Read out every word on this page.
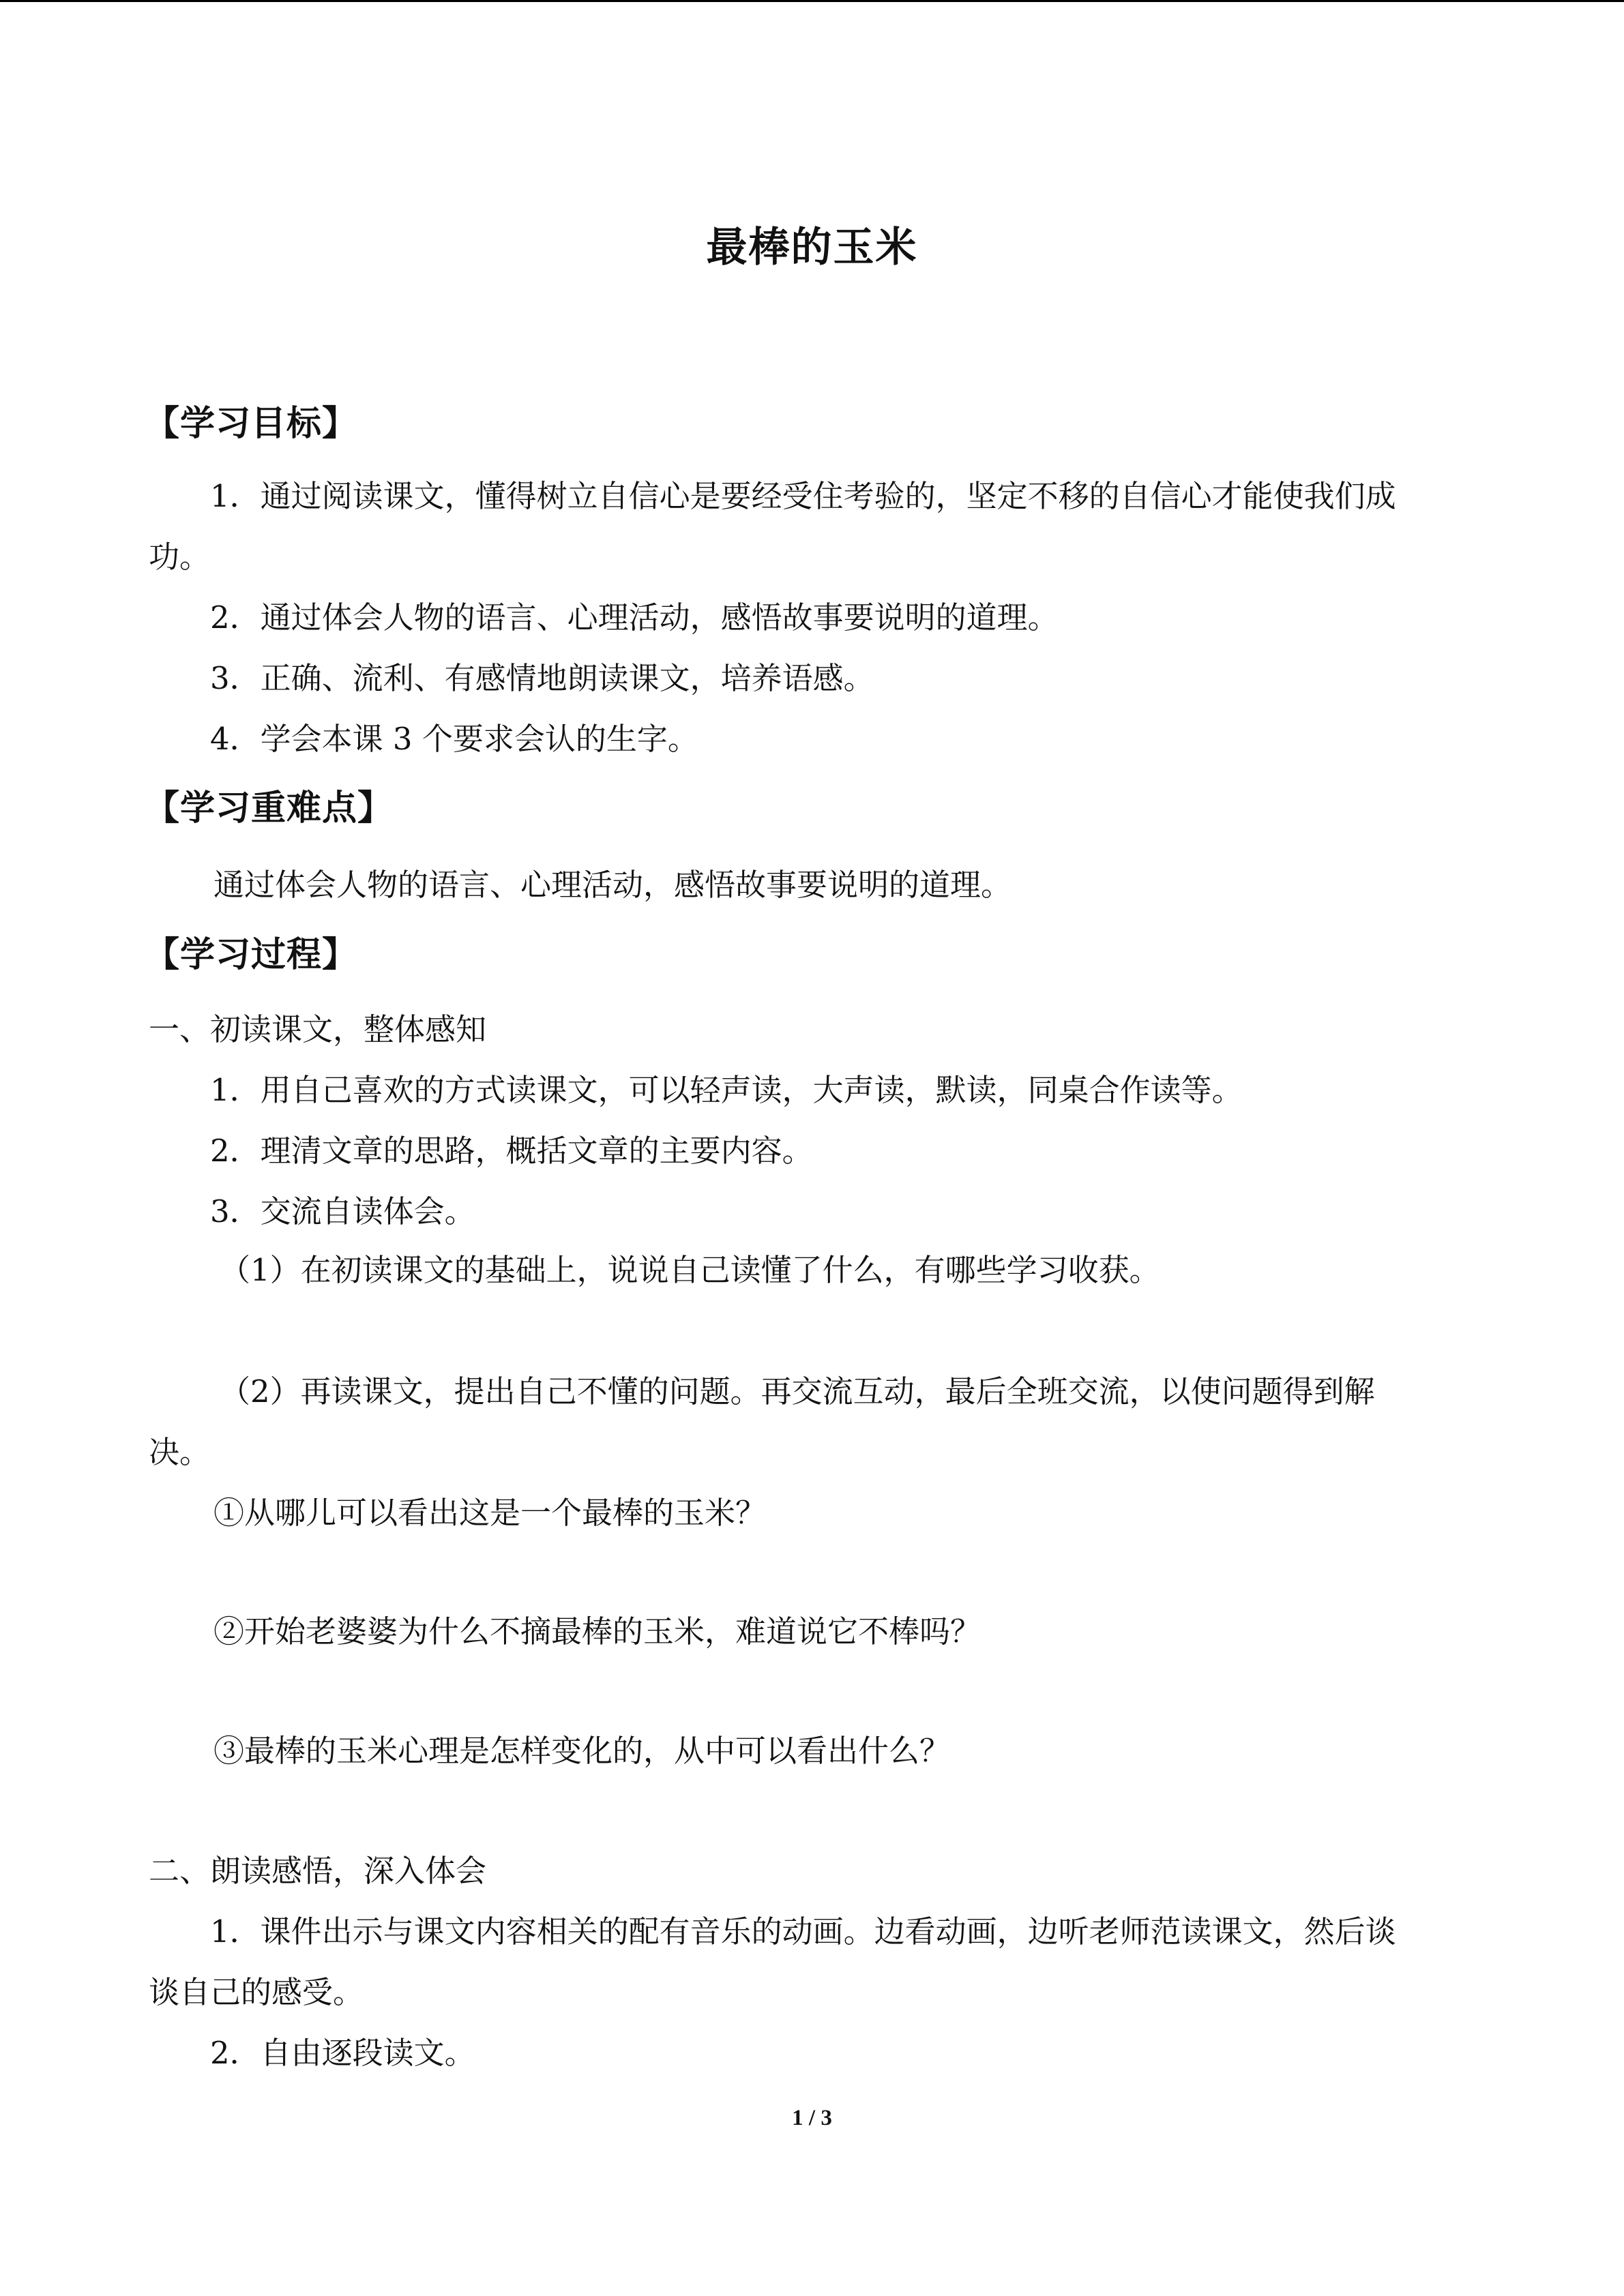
最棒的玉米
【学习目标】
1．通过阅读课文，懂得树立自信心是要经受住考验的，坚定不移的自信心才能使我们成
功。
2．通过体会人物的语言、心理活动，感悟故事要说明的道理。
3．正确、流利、有感情地朗读课文，培养语感。
4．学会本课 3 个要求会认的生字。
【学习重难点】
通过体会人物的语言、心理活动，感悟故事要说明的道理。
【学习过程】
一、初读课文，整体感知
1．用自己喜欢的方式读课文，可以轻声读，大声读，默读，同桌合作读等。
2．理清文章的思路，概括文章的主要内容。
3．交流自读体会。
（1）在初读课文的基础上，说说自己读懂了什么，有哪些学习收获。
（2）再读课文，提出自己不懂的问题。再交流互动，最后全班交流，以使问题得到解
决。
①从哪儿可以看出这是一个最棒的玉米？
②开始老婆婆为什么不摘最棒的玉米，难道说它不棒吗？
③最棒的玉米心理是怎样变化的，从中可以看出什么？
二、朗读感悟，深入体会
1．课件出示与课文内容相关的配有音乐的动画。边看动画，边听老师范读课文，然后谈
谈自己的感受。
2．自由逐段读文。
1 / 3
